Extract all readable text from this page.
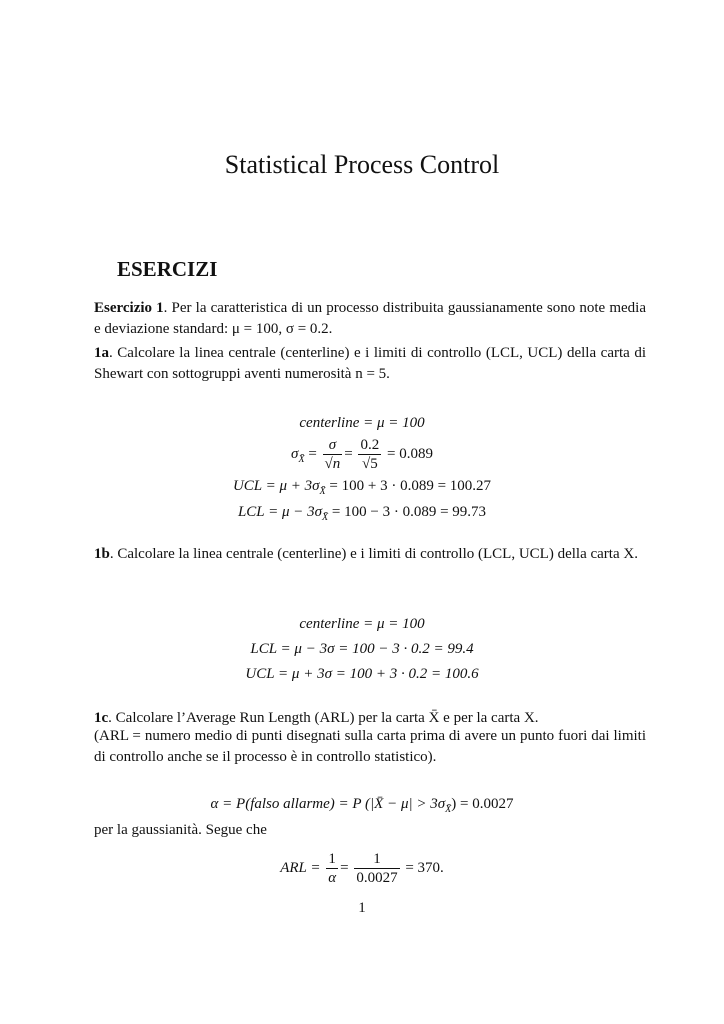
Statistical Process Control
ESERCIZI
Esercizio 1. Per la caratteristica di un processo distribuita gaussianamente sono note media e deviazione standard: μ = 100, σ = 0.2.
1a. Calcolare la linea centrale (centerline) e i limiti di controllo (LCL, UCL) della carta di Shewart con sottogruppi aventi numerosità n = 5.
centerline = μ = 100
$\sigma_{X̄} = \frac{\sigma}{√n} = \frac{0.2}{√5} = 0.089$
UCL = $\mu + 3\sigma_{X̄} = 100 + 3 \cdot 0.089 = 100.27$
LCL = $\mu - 3\sigma_{X̄} = 100 - 3 \cdot 0.089 = 99.73$
1b. Calcolare la linea centrale (centerline) e i limiti di controllo (LCL, UCL) della carta X.
centerline = μ = 100
LCL = μ − 3σ = 100 − 3 · 0.2 = 99.4
UCL = μ + 3σ = 100 + 3 · 0.2 = 100.6
1c. Calcolare l’Average Run Length (ARL) per la carta X̄ e per la carta X.
(ARL = numero medio di punti disegnati sulla carta prima di avere un punto fuori dai limiti di controllo anche se il processo è in controllo statistico).
α = P(falso allarme) = P (|X̄ − $\mu| > 3\sigma_{X̄}) = 0.0027$
per la gaussianità. Segue che
ARL = $\frac{1}{\alpha} = \frac{1}{0.0027} = 370$.
1
